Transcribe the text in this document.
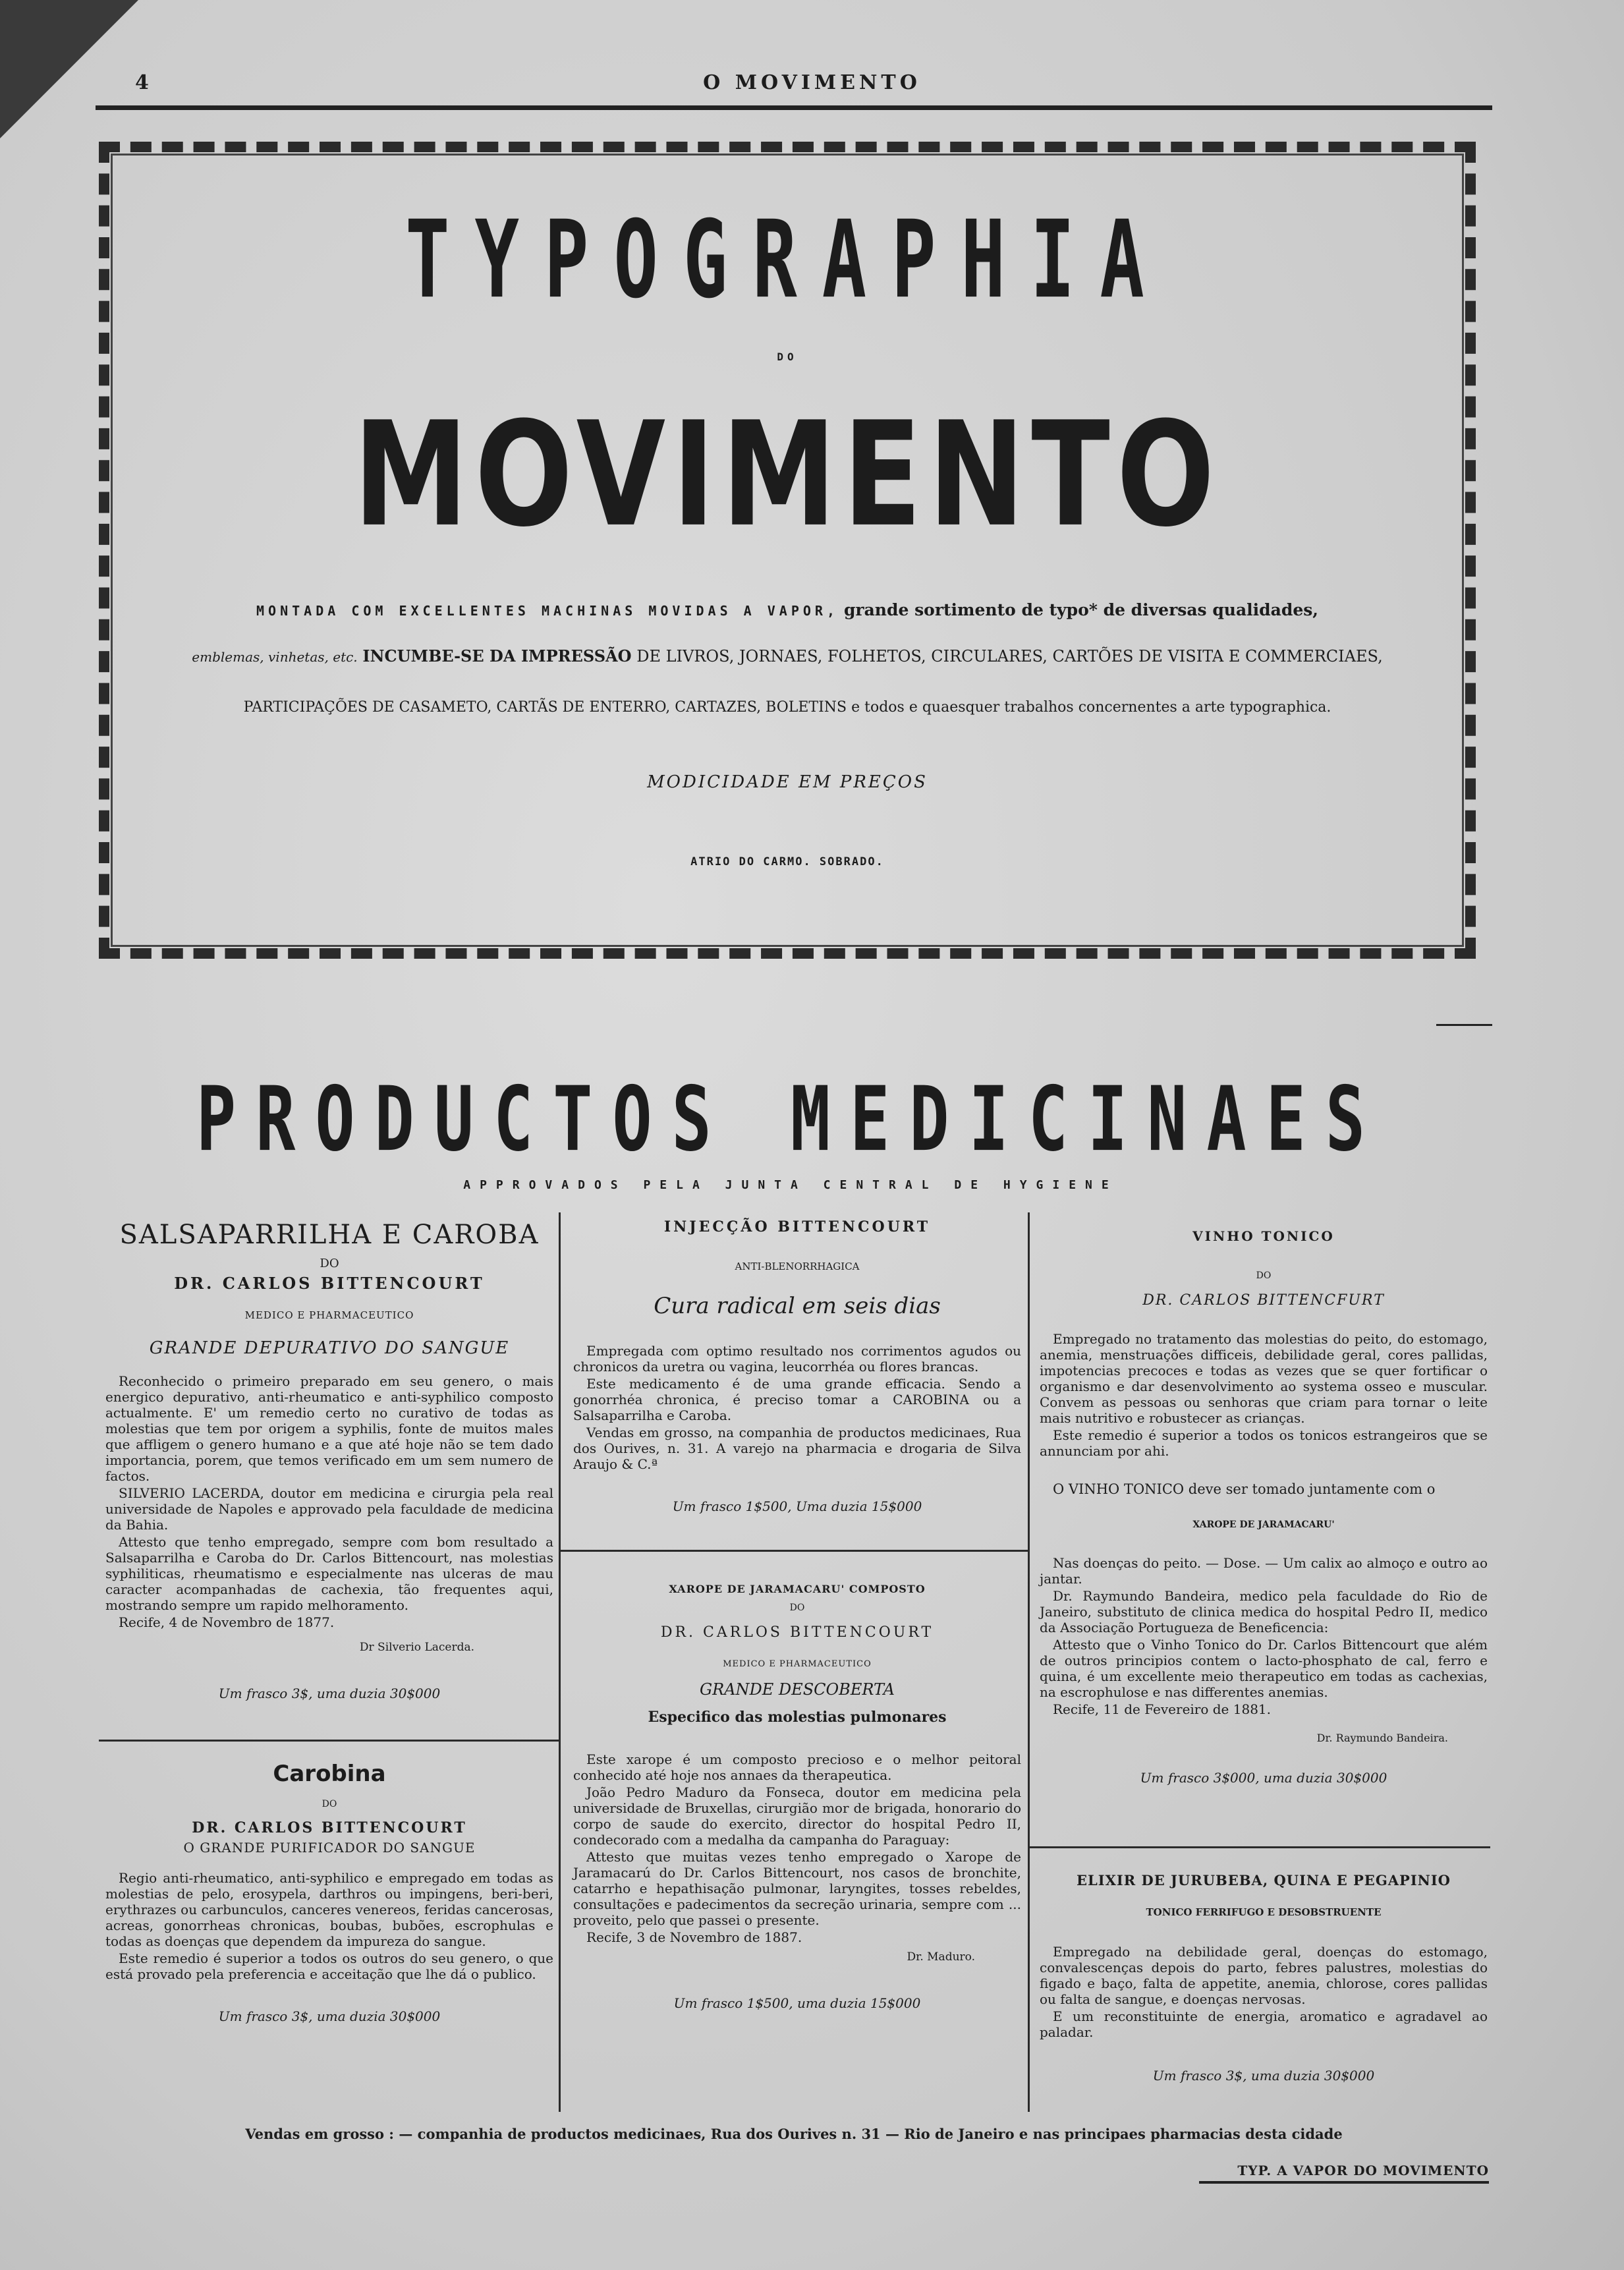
4	O MOVIMENTO
TYPOGRAPHIA
DO
MOVIMENTO
MONTADA COM EXCELLENTES MACHINAS MOVIDAS A VAPOR, grande sortimento de typo* de diversas qualidades,
emblemas, vinhetas, etc. INCUMBE-SE DA IMPRESSÃO DE LIVROS, JORNAES, FOLHETOS, CIRCULARES, CARTÕES DE VISITA E COMMERCIAES,
PARTICIPAÇÕES DE CASAMETO, CARTÃS DE ENTERRO, CARTAZES, BOLETINS e todos e quaesquer trabalhos concernentes a arte typographica.
MODICIDADE EM PREÇOS
ATRIO DO CARMO. SOBRADO.
PRODUCTOS MEDICINAES
APPROVADOS PELA JUNTA CENTRAL DE HYGIENE
SALSAPARRILHA E CAROBA
DO
DR. CARLOS BITTENCOURT
MEDICO E PHARMACEUTICO
GRANDE DEPURATIVO DO SANGUE

Reconhecido o primeiro preparado em seu genero, o mais energico depurativo, anti-rheumatico e anti-syphilico composto actualmente. E' um remedio certo no curativo de todas as molestias que tem por origem a syphilis, fonte de muitos males que affligem o genero humano e a que até hoje não se tem dado importancia, porem, que temos verificado em um sem numero de factos.

SILVERIO LACERDA, doutor em medicina e cirurgia pela real universidade de Napoles e approvado pela faculdade de medicina da Bahia.

Attesto que tenho empregado, sempre com bom resultado a Salsaparrilha e Caroba do Dr. Carlos Bittencourt, nas molestias syphiliticas, rheumatismo e especialmente nas ulceras de mau caracter acompanhadas de cachexia, tão frequentes aqui, mostrando sempre um rapido melhoramento.

Recife, 4 de Novembro de 1877.

Dr Silverio Lacerda.
Um frasco 3$, uma duzia 30$000
Carobina
DO
DR. CARLOS BITTENCOURT
O GRANDE PURIFICADOR DO SANGUE

Regio anti-rheumatico, anti-syphilico e empregado em todas as molestias de pelo, erosypela, darthros ou impingens, beri-beri, erythrazes ou carbunculos, canceres venereos, feridas cancerosas, acreas, gonorrheas chronicas, boubas, bubões, escrophulas e todas as doenças que dependem da impureza do sangue.

Este remedio é superior a todos os outros do seu genero, o que está provado pela preferencia e acceitação que lhe dá o publico.

Um frasco 3$, uma duzia 30$000
INJECÇÃO BITTENCOURT
ANTI-BLENORRHAGICA
Cura radical em seis dias

Empregada com optimo resultado nos corrimentos agudos ou chronicos da uretra ou vagina, leucorrhéa ou flores brancas.

Este medicamento é de uma grande efficacia. Sendo a gonorrhéa chronica, é preciso tomar a CAROBINA ou a Salsaparrilha e Caroba.

Vendas em grosso, na companhia de productos medicinaes, Rua dos Ourives, n. 31. A varejo na pharmacia e drogaria de Silva Araujo & C.ª

Um frasco 1$500, Uma duzia 15$000
XAROPE DE JARAMACARU' COMPOSTO
DO
DR. CARLOS BITTENCOURT
MEDICO E PHARMACEUTICO
GRANDE DESCOBERTA
Especifico das molestias pulmonares

Este xarope é um composto precioso e o melhor peitoral conhecido até hoje nos annaes da therapeutica.

João Pedro Maduro da Fonseca, doutor em medicina pela universidade de Bruxellas, cirurgião mor de brigada, honorario do corpo de saude do exercito, director do hospital Pedro II, condecorado com a medalha da campanha do Paraguay:

Attesto que muitas vezes tenho empregado o Xarope de Jaramacarú do Dr. Carlos Bittencourt, nos casos de bronchite, catarrho e hepathisação pulmonar, laryngites, tosses rebeldes, consultações e padecimentos da secreção urinaria, sempre com ... proveito, pelo que passei o presente.

Recife, 3 de Novembro de 1887.

Dr. Maduro.
Um frasco 1$500, uma duzia 15$000
VINHO TONICO
DO
DR. CARLOS BITTENCFURT

Empregado no tratamento das molestias do peito, do estomago, anemia, menstruações difficeis, debilidade geral, cores pallidas, impotencias precoces e todas as vezes que se quer fortificar o organismo e dar desenvolvimento ao systema osseo e muscular. Convem as pessoas ou senhoras que criam para tornar o leite mais nutritivo e robustecer as crianças.

Este remedio é superior a todos os tonicos estrangeiros que se annunciam por ahi.

O VINHO TONICO deve ser tomado juntamente com o
XAROPE DE JARAMACARU'

Nas doenças do peito. — Dose. — Um calix ao almoço e outro ao jantar.

Dr. Raymundo Bandeira, medico pela faculdade do Rio de Janeiro, substituto de clinica medica do hospital Pedro II, medico da Associação Portugueza de Beneficencia:

Attesto que o Vinho Tonico do Dr. Carlos Bittencourt que além de outros principios contem o lacto-phosphato de cal, ferro e quina, é um excellente meio therapeutico em todas as cachexias, na escrophulose e nas differentes anemias.

Recife, 11 de Fevereiro de 1881.

Dr. Raymundo Bandeira.
Um frasco 3$000, uma duzia 30$000
ELIXIR DE JURUBEBA, QUINA E PEGAPINIO
TONICO FERRIFUGO E DESOBSTRUENTE

Empregado na debilidade geral, doenças do estomago, convalescenças depois do parto, febres palustres, molestias do figado e baço, falta de appetite, anemia, chlorose, cores pallidas ou falta de sangue, e doenças nervosas.

E um reconstituinte de energia, aromatico e agradavel ao paladar.

Um frasco 3$, uma duzia 30$000
Vendas em grosso : — companhia de productos medicinaes, Rua dos Ourives n. 31 — Rio de Janeiro e nas principaes pharmacias desta cidade
TYP. A VAPOR DO MOVIMENTO
